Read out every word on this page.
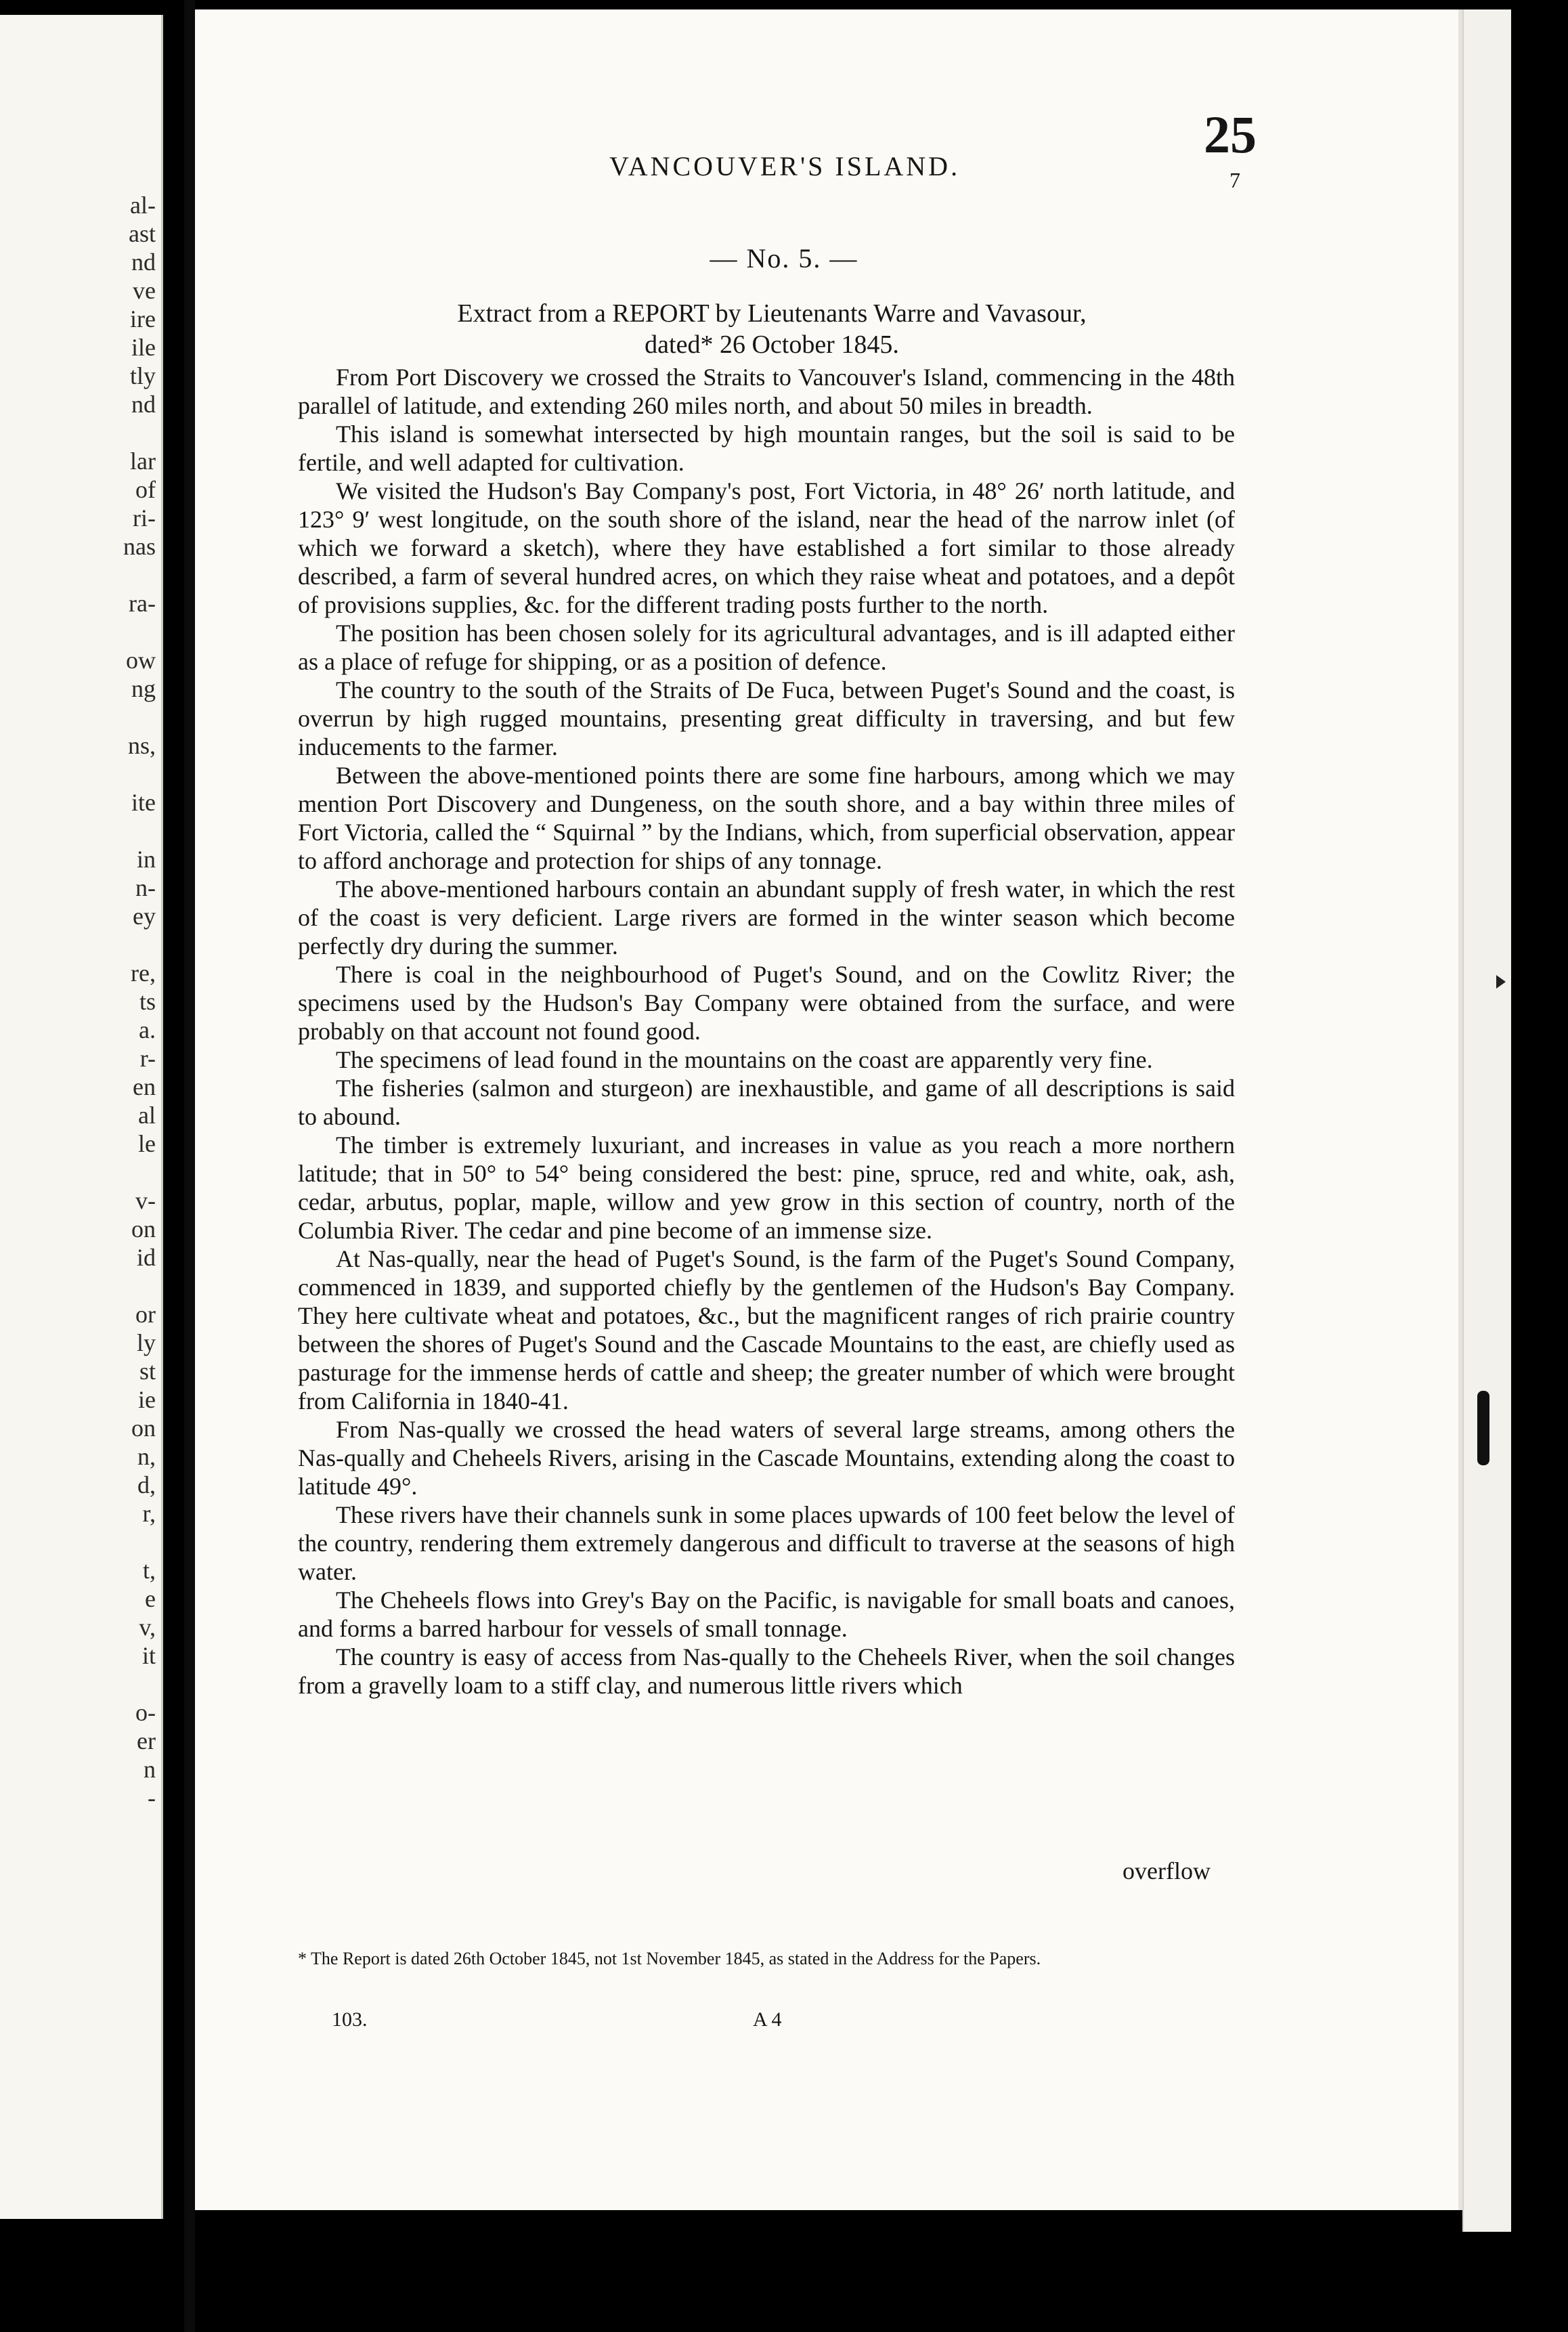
al-
ast
nd
ve
ire
ile
tly
nd
lar
of
ri-
nas
ra-
ow
ng
ns,
ite
in
n-
ey
re,
ts
a.
r-
en
al
le
v-
on
id
or
ly
st
ie
on
n,
d,
r,
t,
e
v,
it
o-
er
n
-
VANCOUVER'S ISLAND.
25
7
— No. 5. —
Extract from a REPORT by Lieutenants Warre and Vavasour,
dated* 26 October 1845.

From Port Discovery we crossed the Straits to Vancouver's Island, commencing in the 48th parallel of latitude, and extending 260 miles north, and about 50 miles in breadth.

This island is somewhat intersected by high mountain ranges, but the soil is said to be fertile, and well adapted for cultivation.

We visited the Hudson's Bay Company's post, Fort Victoria, in 48° 26′ north latitude, and 123° 9′ west longitude, on the south shore of the island, near the head of the narrow inlet (of which we forward a sketch), where they have established a fort similar to those already described, a farm of several hundred acres, on which they raise wheat and potatoes, and a depôt of provisions supplies, &c. for the different trading posts further to the north.

The position has been chosen solely for its agricultural advantages, and is ill adapted either as a place of refuge for shipping, or as a position of defence.

The country to the south of the Straits of De Fuca, between Puget's Sound and the coast, is overrun by high rugged mountains, presenting great difficulty in traversing, and but few inducements to the farmer.

Between the above-mentioned points there are some fine harbours, among which we may mention Port Discovery and Dungeness, on the south shore, and a bay within three miles of Fort Victoria, called the “ Squirnal ” by the Indians, which, from superficial observation, appear to afford anchorage and protection for ships of any tonnage.

The above-mentioned harbours contain an abundant supply of fresh water, in which the rest of the coast is very deficient. Large rivers are formed in the winter season which become perfectly dry during the summer.

There is coal in the neighbourhood of Puget's Sound, and on the Cowlitz River; the specimens used by the Hudson's Bay Company were obtained from the surface, and were probably on that account not found good.

The specimens of lead found in the mountains on the coast are apparently very fine.

The fisheries (salmon and sturgeon) are inexhaustible, and game of all descriptions is said to abound.

The timber is extremely luxuriant, and increases in value as you reach a more northern latitude; that in 50° to 54° being considered the best: pine, spruce, red and white, oak, ash, cedar, arbutus, poplar, maple, willow and yew grow in this section of country, north of the Columbia River. The cedar and pine become of an immense size.

At Nas-qually, near the head of Puget's Sound, is the farm of the Puget's Sound Company, commenced in 1839, and supported chiefly by the gentlemen of the Hudson's Bay Company. They here cultivate wheat and potatoes, &c., but the magnificent ranges of rich prairie country between the shores of Puget's Sound and the Cascade Mountains to the east, are chiefly used as pasturage for the immense herds of cattle and sheep; the greater number of which were brought from California in 1840-41.

From Nas-qually we crossed the head waters of several large streams, among others the Nas-qually and Cheheels Rivers, arising in the Cascade Mountains, extending along the coast to latitude 49°.

These rivers have their channels sunk in some places upwards of 100 feet below the level of the country, rendering them extremely dangerous and difficult to traverse at the seasons of high water.

The Cheheels flows into Grey's Bay on the Pacific, is navigable for small boats and canoes, and forms a barred harbour for vessels of small tonnage.

The country is easy of access from Nas-qually to the Cheheels River, when the soil changes from a gravelly loam to a stiff clay, and numerous little rivers which

overflow
* The Report is dated 26th October 1845, not 1st November 1845, as stated in the Address for the Papers.
103.	A 4
